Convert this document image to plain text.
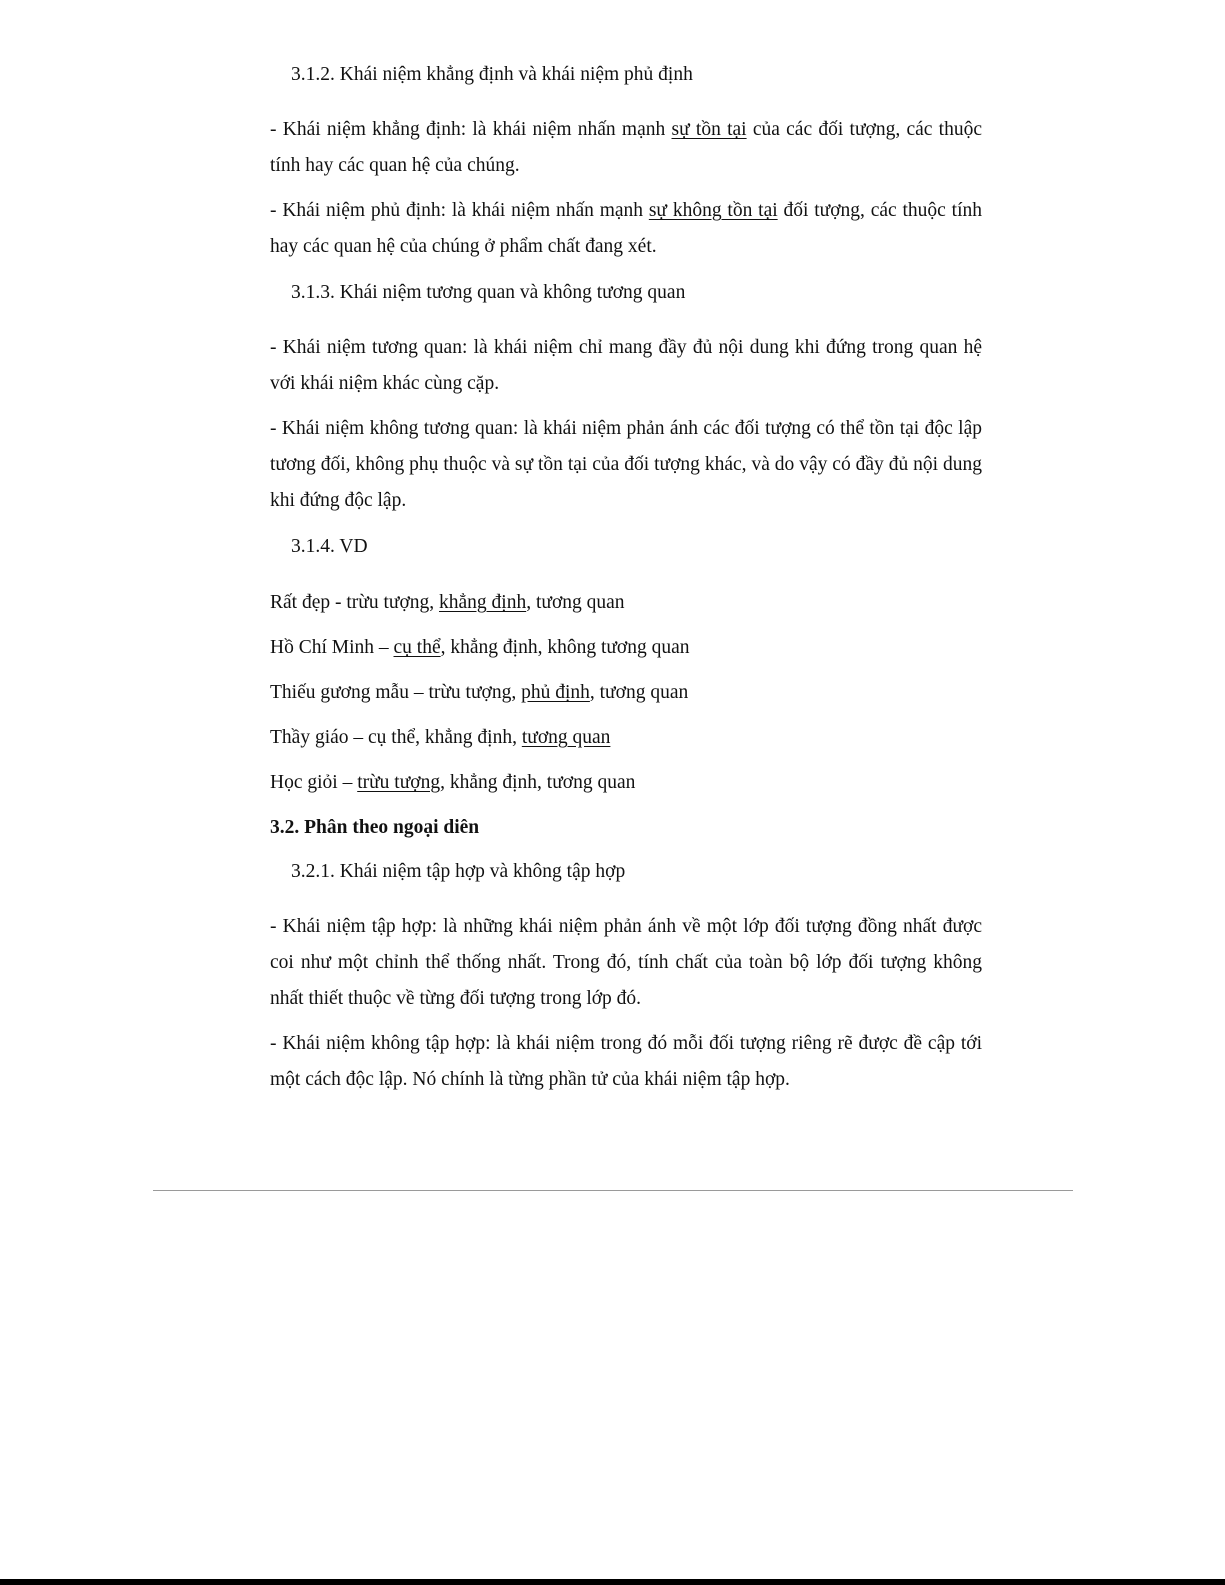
3.1.2. Khái niệm khẳng định và khái niệm phủ định

- Khái niệm khẳng định: là khái niệm nhấn mạnh sự tồn tại của các đối tượng, các thuộc tính hay các quan hệ của chúng.

- Khái niệm phủ định: là khái niệm nhấn mạnh sự không tồn tại đối tượng, các thuộc tính hay các quan hệ của chúng ở phẩm chất đang xét.

3.1.3. Khái niệm tương quan và không tương quan

- Khái niệm tương quan: là khái niệm chỉ mang đầy đủ nội dung khi đứng trong quan hệ với khái niệm khác cùng cặp.

- Khái niệm không tương quan: là khái niệm phản ánh các đối tượng có thể tồn tại độc lập tương đối, không phụ thuộc và sự tồn tại của đối tượng khác, và do vậy có đầy đủ nội dung khi đứng độc lập.

3.1.4. VD
Rất đẹp - trừu tượng, khẳng định, tương quan
Hồ Chí Minh – cụ thể, khẳng định, không tương quan
Thiếu gương mẫu – trừu tượng, phủ định, tương quan
Thầy giáo – cụ thể, khẳng định, tương quan
Học giỏi – trừu tượng, khẳng định, tương quan
3.2. Phân theo ngoại diên
3.2.1. Khái niệm tập hợp và không tập hợp

- Khái niệm tập hợp: là những khái niệm phản ánh về một lớp đối tượng đồng nhất được coi như một chỉnh thể thống nhất. Trong đó, tính chất của toàn bộ lớp đối tượng không nhất thiết thuộc về từng đối tượng trong lớp đó.

- Khái niệm không tập hợp: là khái niệm trong đó mỗi đối tượng riêng rẽ được đề cập tới một cách độc lập. Nó chính là từng phần tử của khái niệm tập hợp.
